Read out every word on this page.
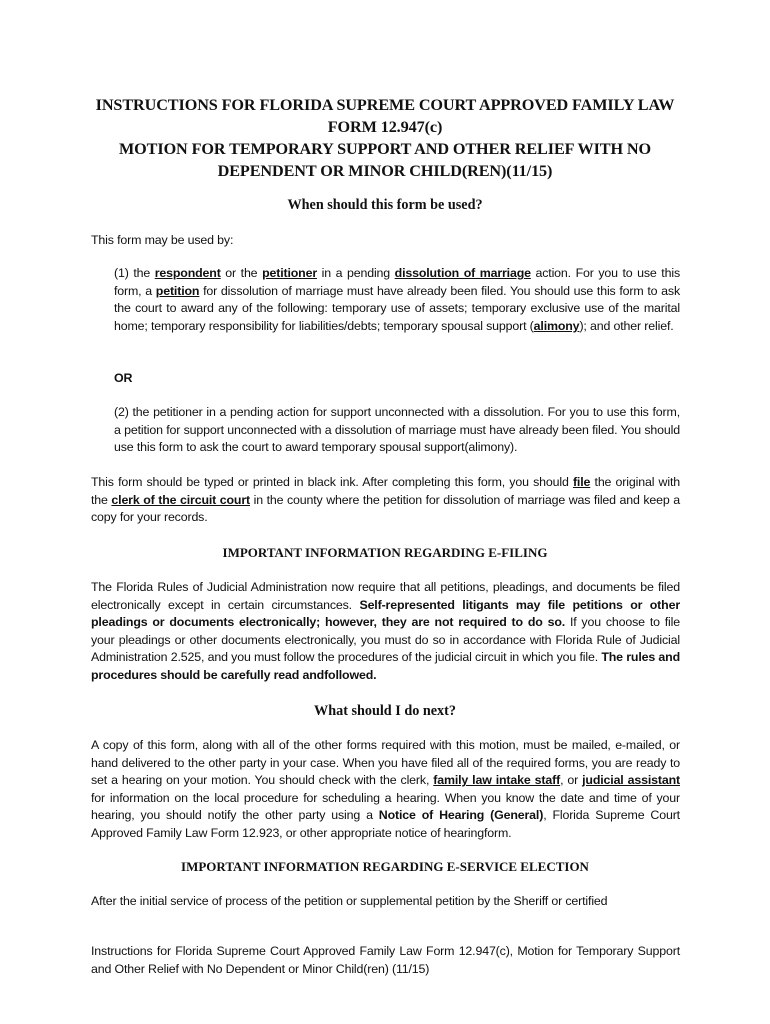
INSTRUCTIONS FOR FLORIDA SUPREME COURT APPROVED FAMILY LAW
FORM 12.947(c)
MOTION FOR TEMPORARY SUPPORT AND OTHER RELIEF WITH NO
DEPENDENT OR MINOR CHILD(REN)(11/15)
When should this form be used?

This form may be used by:

(1) the respondent or the petitioner in a pending dissolution of marriage action. For you to use this form, a petition for dissolution of marriage must have already been filed. You should use this form to ask the court to award any of the following: temporary use of assets; temporary exclusive use of the marital home; temporary responsibility for liabilities/debts; temporary spousal support (alimony); and other relief.

OR

(2) the petitioner in a pending action for support unconnected with a dissolution. For you to use this form, a petition for support unconnected with a dissolution of marriage must have already been filed. You should use this form to ask the court to award temporary spousal support(alimony).

This form should be typed or printed in black ink. After completing this form, you should file the original with the clerk of the circuit court in the county where the petition for dissolution of marriage was filed and keep a copy for your records.

IMPORTANT INFORMATION REGARDING E-FILING

The Florida Rules of Judicial Administration now require that all petitions, pleadings, and documents be filed electronically except in certain circumstances. Self-represented litigants may file petitions or other pleadings or documents electronically; however, they are not required to do so. If you choose to file your pleadings or other documents electronically, you must do so in accordance with Florida Rule of Judicial Administration 2.525, and you must follow the procedures of the judicial circuit in which you file. The rules and procedures should be carefully read andfollowed.

What should I do next?

A copy of this form, along with all of the other forms required with this motion, must be mailed, e-mailed, or hand delivered to the other party in your case. When you have filed all of the required forms, you are ready to set a hearing on your motion. You should check with the clerk, family law intake staff, or judicial assistant for information on the local procedure for scheduling a hearing. When you know the date and time of your hearing, you should notify the other party using a Notice of Hearing (General), Florida Supreme Court Approved Family Law Form 12.923, or other appropriate notice of hearingform.

IMPORTANT INFORMATION REGARDING E-SERVICE ELECTION

After the initial service of process of the petition or supplemental petition by the Sheriff or certified

Instructions for Florida Supreme Court Approved Family Law Form 12.947(c), Motion for Temporary Support and Other Relief with No Dependent or Minor Child(ren) (11/15)
